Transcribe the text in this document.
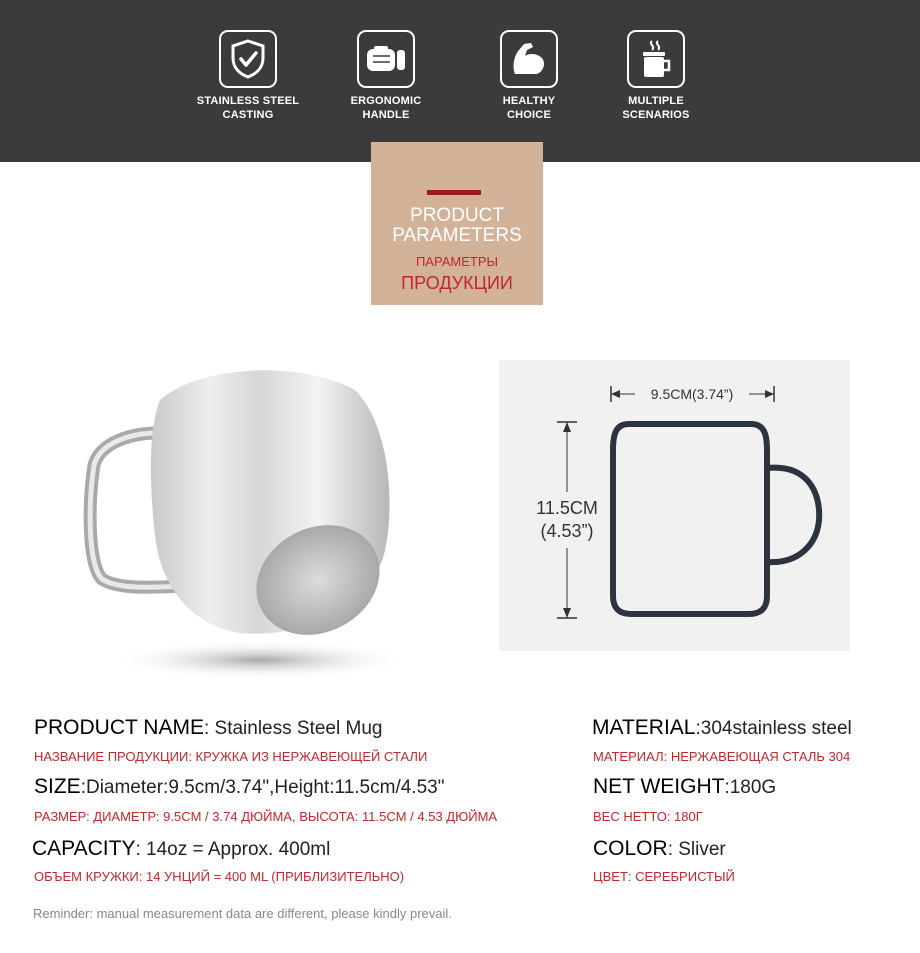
STAINLESS STEEL
CASTING
ERGONOMIC
HANDLE
HEALTHY
CHOICE
MULTIPLE
SCENARIOS
PRODUCT
PARAMETERS
ПАРАМЕТРЫ
ПРОДУКЦИИ
9.5CM(3.74”)
11.5CM
(4.53”)
PRODUCT NAME: Stainless Steel Mug
НАЗВАНИЕ ПРОДУКЦИИ: КРУЖКА ИЗ НЕРЖАВЕЮЩЕЙ СТАЛИ
SIZE:Diameter:9.5cm/3.74",Height:11.5cm/4.53"
РАЗМЕР: ДИАМЕТР: 9.5CM / 3.74 ДЮЙМА, ВЫСОТА: 11.5CM / 4.53 ДЮЙМА
CAPACITY: 14oz = Approx. 400ml
ОБЪЕМ КРУЖКИ: 14 УНЦИЙ = 400 ML (ПРИБЛИЗИТЕЛЬНО)
MATERIAL:304stainless steel
МАТЕРИАЛ: НЕРЖАВЕЮЩАЯ СТАЛЬ 304
NET WEIGHT:180G
ВЕС НЕТТО: 180Г
COLOR: Sliver
ЦВЕТ: СЕРЕБРИСТЫЙ
Reminder: manual measurement data are different, please kindly prevail.
